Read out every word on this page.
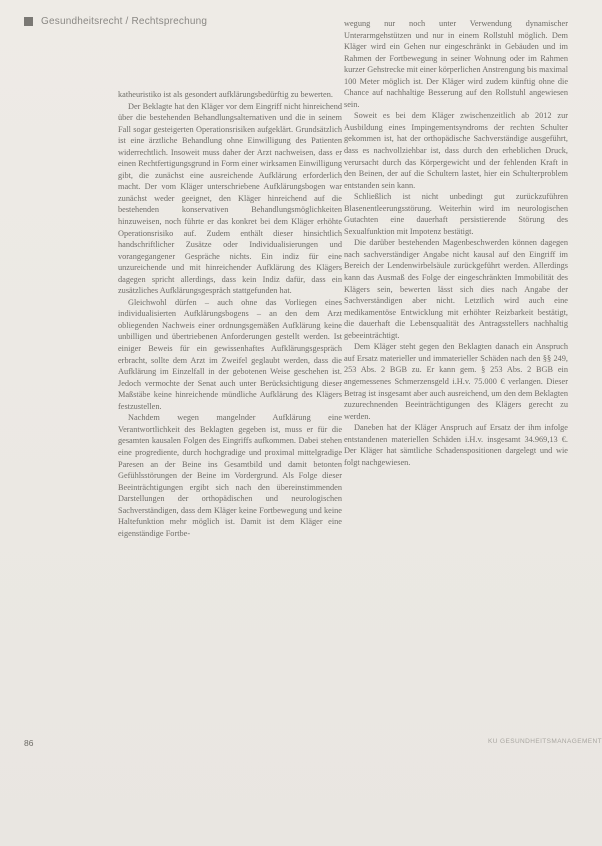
Gesundheitsrecht / Rechtsprechung

katheuristiko ist als gesondert aufklärungsbedürftig zu bewerten.

Der Beklagte hat den Kläger vor dem Eingriff nicht hinreichend über die bestehenden Behandlungsalternativen und die in seinem Fall sogar gesteigerten Operationsrisiken aufgeklärt. Grundsätzlich ist eine ärztliche Behandlung ohne Einwilligung des Patienten widerrechtlich. Insoweit muss daher der Arzt nachweisen, dass er einen Rechtfertigungsgrund in Form einer wirksamen Einwilligung gibt, die zunächst eine ausreichende Aufklärung erforderlich macht. Der vom Kläger unterschriebene Aufklärungsbogen war zunächst weder geeignet, den Kläger hinreichend auf die bestehenden konservativen Behandlungsmöglichkeiten hinzuweisen, noch führte er das konkret bei dem Kläger erhöhte Operationsrisiko auf. Zudem enthält dieser hinsichtlich handschriftlicher Zusätze oder Individualisierungen und vorangegangener Gespräche nichts. Ein indiz für eine unzureichende und mit hinreichender Aufklärung des Klägers dagegen spricht allerdings, dass kein Indiz dafür, dass ein zusätzliches Aufklärungsgespräch stattgefunden hat.

Gleichwohl dürfen – auch ohne das Vorliegen eines individualisierten Aufklärungsbogens – an den dem Arzt obliegenden Nachweis einer ordnungsgemäßen Aufklärung keine unbilligen und übertriebenen Anforderungen gestellt werden. Ist einiger Beweis für ein gewissenhaftes Aufklärungsgespräch erbracht, sollte dem Arzt im Zweifel geglaubt werden, dass die Aufklärung im Einzelfall in der gebotenen Weise geschehen ist. Jedoch vermochte der Senat auch unter Berücksichtigung dieser Maßstäbe keine hinreichende mündliche Aufklärung des Klägers festzustellen.

Nachdem wegen mangelnder Aufklärung eine Verantwortlichkeit des Beklagten gegeben ist, muss er für die gesamten kausalen Folgen des Eingriffs aufkommen. Dabei stehen eine progrediente, durch hochgradige und proximal mittelgradige Paresen an der Beine ins Gesamtbild und damit betonten Gefühlsstörungen der Beine im Vordergrund. Als Folge dieser Beeinträchtigungen ergibt sich nach den übereinstimmenden Darstellungen der orthopädischen und neurologischen Sachverständigen, dass dem Kläger keine Fortbewegung und keine Haltefunktion mehr möglich ist. Damit ist dem Kläger eine eigenständige Fortbe-

wegung nur noch unter Verwendung dynamischer Unterarmgehstützen und nur in einem Rollstuhl möglich. Dem Kläger wird ein Gehen nur eingeschränkt in Gebäuden und im Rahmen der Fortbewegung in seiner Wohnung oder im Rahmen kurzer Gehstrecke mit einer körperlichen Anstrengung bis maximal 100 Meter möglich ist. Der Kläger wird zudem künftig ohne die Chance auf nachhaltige Besserung auf den Rollstuhl angewiesen sein.

Soweit es bei dem Kläger zwischenzeitlich ab 2012 zur Ausbildung eines Impingementsyndroms der rechten Schulter gekommen ist, hat der orthopädische Sachverständige ausgeführt, dass es nachvollziehbar ist, dass durch den erheblichen Druck, verursacht durch das Körpergewicht und der fehlenden Kraft in den Beinen, der auf die Schultern lastet, hier ein Schulterproblem entstanden sein kann.

Schließlich ist nicht unbedingt gut zurückzuführen Blasenentleerungsstörung. Weiterhin wird im neurologischen Gutachten eine dauerhaft persistierende Störung des Sexualfunktion mit Impotenz bestätigt.

Die darüber bestehenden Magenbeschwerden können dagegen nach sachverständiger Angabe nicht kausal auf den Eingriff im Bereich der Lendenwirbelsäule zurückgeführt werden. Allerdings kann das Ausmaß des Folge der eingeschränkten Immobilität des Klägers sein, bewerten lässt sich dies nach Angabe der Sachverständigen aber nicht. Letztlich wird auch eine medikamentöse Entwicklung mit erhöhter Reizbarkeit bestätigt, die dauerhaft die Lebensqualität des Antragsstellers nachhaltig gebeeinträchtigt.

Dem Kläger steht gegen den Beklagten danach ein Anspruch auf Ersatz materieller und immaterieller Schäden nach den §§ 249, 253 Abs. 2 BGB zu. Er kann gem. § 253 Abs. 2 BGB ein angemessenes Schmerzensgeld i.H.v. 75.000 € verlangen. Dieser Betrag ist insgesamt aber auch ausreichend, um den dem Beklagten zuzurechnenden Beeinträchtigungen des Klägers gerecht zu werden.

Daneben hat der Kläger Anspruch auf Ersatz der ihm infolge entstandenen materiellen Schäden i.H.v. insgesamt 34.969,13 €. Der Kläger hat sämtliche Schadenspositionen dargelegt und wie folgt nachgewiesen.

86	KU GESUNDHEITSMANAGEMENT
